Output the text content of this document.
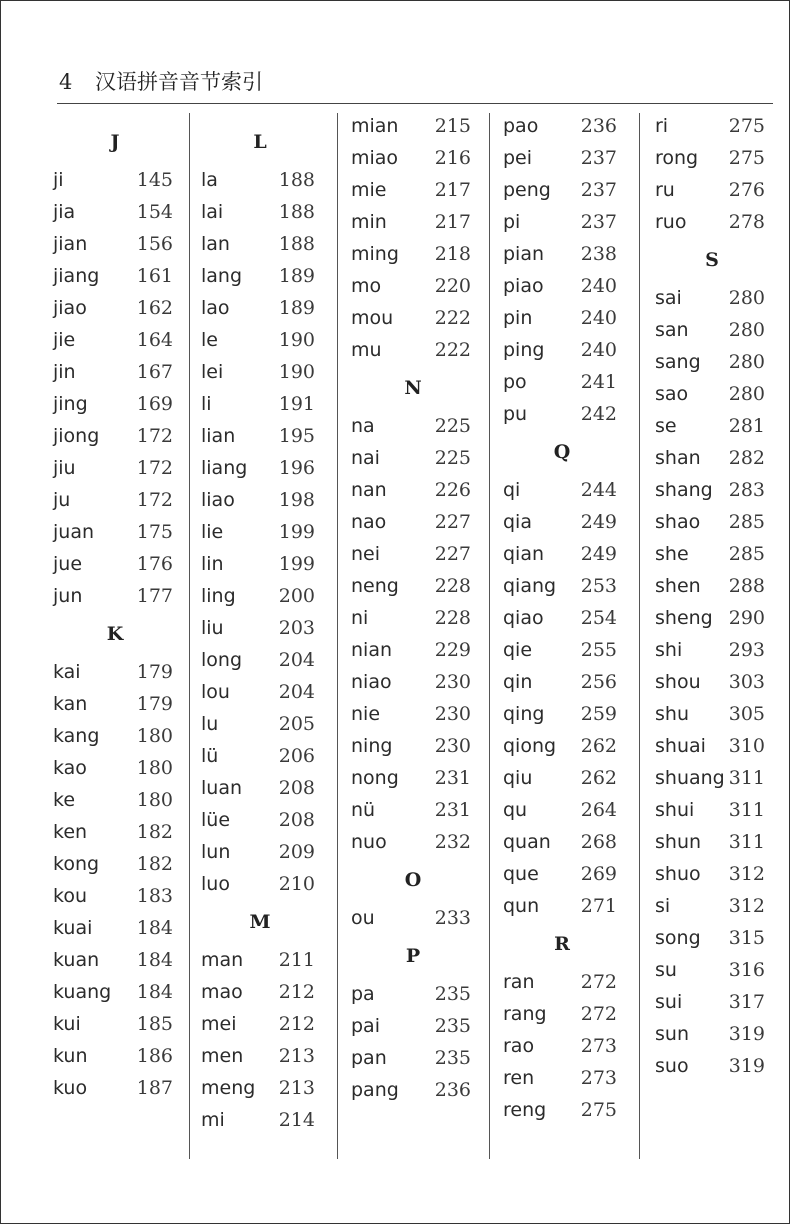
4 汉语拼音音节索引
J
ji	145
jia	154
jian	156
jiang 161
jiao	162
jie	164
jin	167
jing	169
jiong 172
jiu	172
ju	172
juan 175
jue	176
jun	177
K
kai	179
kan	179
kang 180
kao	180
ke	180
ken	182
kong 182
kou	183
kuai 184
kuan 184
kuang 184
kui	185
kun	186
kuo	187
L
la	188
lai	188
lan	188
lang 189
lao	189
le	190
lei	190
li	191
lian 195
liang 196
liao 198
lie	199
lin	199
ling 200
liu	203
long 204
lou	204
lu	205
lü	206
luan 208
lüe	208
lun	209
luo	210
M
man 211
mao 212
mei 212
men 213
meng 213
mi	214
mian 215
miao 216
mie	217
min	217
ming 218
mo	220
mou 222
mu	222
N
na	225
nai	225
nan	226
nao	227
nei	227
neng 228
ni	228
nian 229
niao 230
nie	230
ning 230
nong 231
nü	231
nuo	232
O
ou	233
P
pa	235
pai	235
pan	235
pang 236
pao 236
pei	237
peng 237
pi	237
pian 238
piao 240
pin	240
ping 240
po	241
pu	242
Q
qi	244
qia	249
qian 249
qiang 253
qiao 254
qie	255
qin	256
qing 259
qiong 262
qiu	262
qu	264
quan 268
que 269
qun 271
R
ran 272
rang 272
rao 273
ren 273
reng 275
ri	275
rong 275
ru	276
ruo 278
S
sai 280
san 280
sang 280
sao 280
se	281
shan 282
shang 283
shao 285
she 285
shen 288
sheng 290
shi 293
shou 303
shu 305
shuai 310
shuang 311
shui 311
shun 311
shuo 312
si	312
song 315
su	316
sui 317
sun 319
suo 319
